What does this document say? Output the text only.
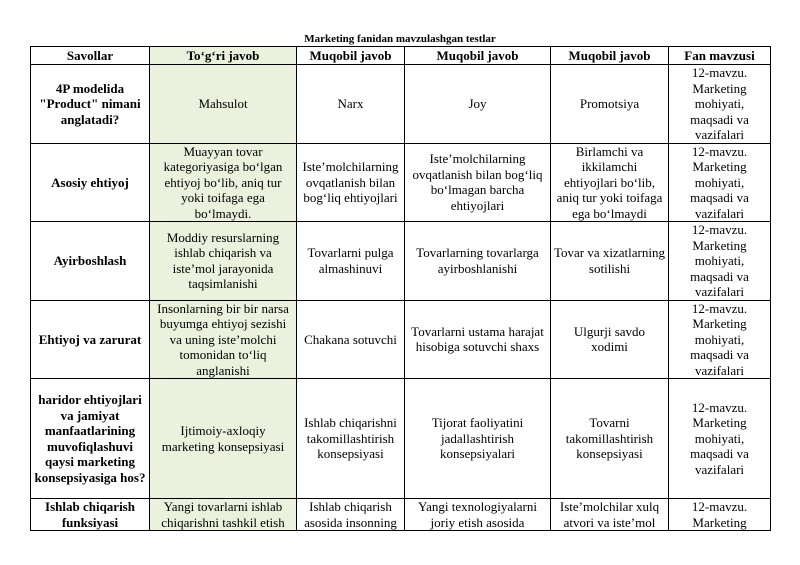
Marketing fanidan mavzulashgan testlar
Savollar	To‘g‘ri javob	Muqobil javob	Muqobil javob	Muqobil javob	Fan mavzusi
4P modelida "Product" nimani anglatadi?	Mahsulot	Narx	Joy	Promotsiya	12-mavzu. Marketing mohiyati, maqsadi va vazifalari
Asosiy ehtiyoj	Muayyan tovar kategoriyasiga bo‘lgan ehtiyoj bo‘lib, aniq tur yoki toifaga ega bo‘lmaydi.	Iste’molchilarning ovqatlanish bilan bog‘liq ehtiyojlari	Iste’molchilarning ovqatlanish bilan bog‘liq bo‘lmagan barcha ehtiyojlari	Birlamchi va ikkilamchi ehtiyojlari bo‘lib, aniq tur yoki toifaga ega bo‘lmaydi	12-mavzu. Marketing mohiyati, maqsadi va vazifalari
Ayirboshlash	Moddiy resurslarning ishlab chiqarish va iste’mol jarayonida taqsimlanishi	Tovarlarni pulga almashinuvi	Tovarlarning tovarlarga ayirboshlanishi	Tovar va xizatlarning sotilishi	12-mavzu. Marketing mohiyati, maqsadi va vazifalari
Ehtiyoj va zarurat	Insonlarning bir bir narsa buyumga ehtiyoj sezishi va uning iste’molchi tomonidan to‘liq anglanishi	Chakana sotuvchi	Tovarlarni ustama harajat hisobiga sotuvchi shaxs	Ulgurji savdo xodimi	12-mavzu. Marketing mohiyati, maqsadi va vazifalari
haridor ehtiyojlari va jamiyat manfaatlarining muvofiqlashuvi qaysi marketing konsepsiyasiga hos?	Ijtimoiy-axloqiy marketing konsepsiyasi	Ishlab chiqarishni takomillashtirish konsepsiyasi	Tijorat faoliyatini jadallashtirish konsepsiyalari	Tovarni takomillashtirish konsepsiyasi	12-mavzu. Marketing mohiyati, maqsadi va vazifalari
Ishlab chiqarish funksiyasi	Yangi tovarlarni ishlab chiqarishni tashkil etish	Ishlab chiqarish asosida insonning	Yangi texnologiyalarni joriy etish asosida	Iste’molchilar xulq atvori va iste’mol	12-mavzu. Marketing
